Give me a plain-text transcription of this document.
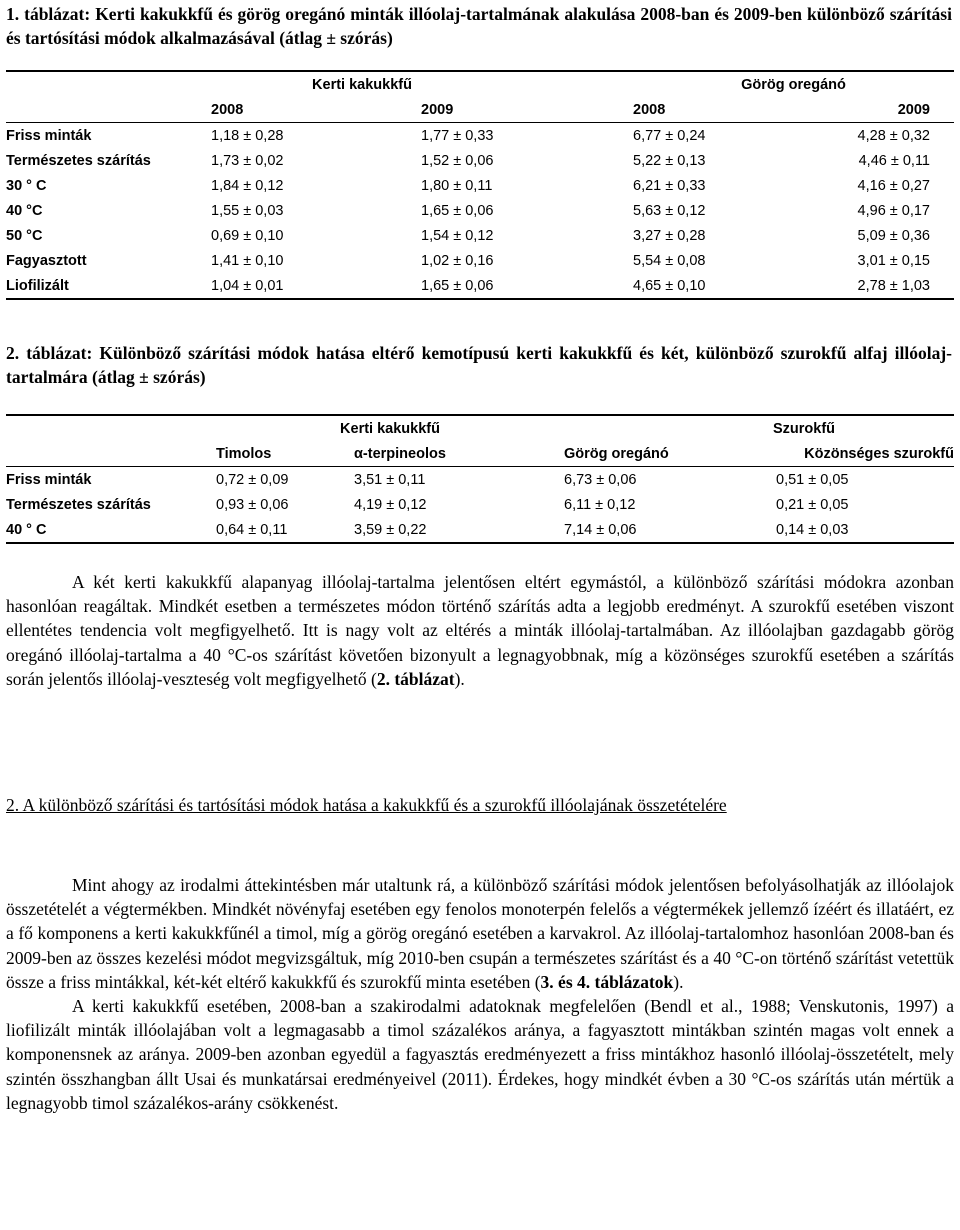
1. táblázat: Kerti kakukkfű és görög oregánó minták illóolaj-tartalmának alakulása 2008-ban és 2009-ben különböző szárítási és tartósítási módok alkalmazásával (átlag ± szórás)
	Kerti kakukkfű		Görög oregánó	
	2008	2009	2008	2009
Friss minták	1,18 ± 0,28	1,77 ± 0,33	6,77 ± 0,24	4,28 ± 0,32
Természetes szárítás	1,73 ± 0,02	1,52 ± 0,06	5,22 ± 0,13	4,46 ± 0,11
30 ° C	1,84 ± 0,12	1,80 ± 0,11	6,21 ± 0,33	4,16 ± 0,27
40 °C	1,55 ± 0,03	1,65 ± 0,06	5,63 ± 0,12	4,96 ± 0,17
50 °C	0,69 ± 0,10	1,54 ± 0,12	3,27 ± 0,28	5,09 ± 0,36
Fagyasztott	1,41 ± 0,10	1,02 ± 0,16	5,54 ± 0,08	3,01 ± 0,15
Liofilizált	1,04 ± 0,01	1,65 ± 0,06	4,65 ± 0,10	2,78 ± 1,03
2. táblázat: Különböző szárítási módok hatása eltérő kemotípusú kerti kakukkfű és két, különböző szurokfű alfaj illóolaj-tartalmára (átlag ± szórás)
	Kerti kakukkfű		Szurokfű	
	Timolos	α-terpineolos	Görög oregánó	Közönséges szurokfű
Friss minták	0,72 ± 0,09	3,51 ± 0,11	6,73 ± 0,06	0,51 ± 0,05
Természetes szárítás	0,93 ± 0,06	4,19 ± 0,12	6,11 ± 0,12	0,21 ± 0,05
40 ° C	0,64 ± 0,11	3,59 ± 0,22	7,14 ± 0,06	0,14 ± 0,03

A két kerti kakukkfű alapanyag illóolaj-tartalma jelentősen eltért egymástól, a különböző szárítási módokra azonban hasonlóan reagáltak. Mindkét esetben a természetes módon történő szárítás adta a legjobb eredményt. A szurokfű esetében viszont ellentétes tendencia volt megfigyelhető. Itt is nagy volt az eltérés a minták illóolaj-tartalmában. Az illóolajban gazdagabb görög oregánó illóolaj-tartalma a 40 °C-os szárítást követően bizonyult a legnagyobbnak, míg a közönséges szurokfű esetében a szárítás során jelentős illóolaj-veszteség volt megfigyelhető (2. táblázat).

2. A különböző szárítási és tartósítási módok hatása a kakukkfű és a szurokfű illóolajának összetételére

Mint ahogy az irodalmi áttekintésben már utaltunk rá, a különböző szárítási módok jelentősen befolyásolhatják az illóolajok összetételét a végtermékben. Mindkét növényfaj esetében egy fenolos monoterpén felelős a végtermékek jellemző ízéért és illatáért, ez a fő komponens a kerti kakukkfűnél a timol, míg a görög oregánó esetében a karvakrol. Az illóolaj-tartalomhoz hasonlóan 2008-ban és 2009-ben az összes kezelési módot megvizsgáltuk, míg 2010-ben csupán a természetes szárítást és a 40 °C-on történő szárítást vetettük össze a friss mintákkal, két-két eltérő kakukkfű és szurokfű minta esetében (3. és 4. táblázatok).

A kerti kakukkfű esetében, 2008-ban a szakirodalmi adatoknak megfelelően (Bendl et al., 1988; Venskutonis, 1997) a liofilizált minták illóolajában volt a legmagasabb a timol százalékos aránya, a fagyasztott mintákban szintén magas volt ennek a komponensnek az aránya. 2009-ben azonban egyedül a fagyasztás eredményezett a friss mintákhoz hasonló illóolaj-összetételt, mely szintén összhangban állt Usai és munkatársai eredményeivel (2011). Érdekes, hogy mindkét évben a 30 °C-os szárítás után mértük a legnagyobb timol százalékos-arány csökkenést.
